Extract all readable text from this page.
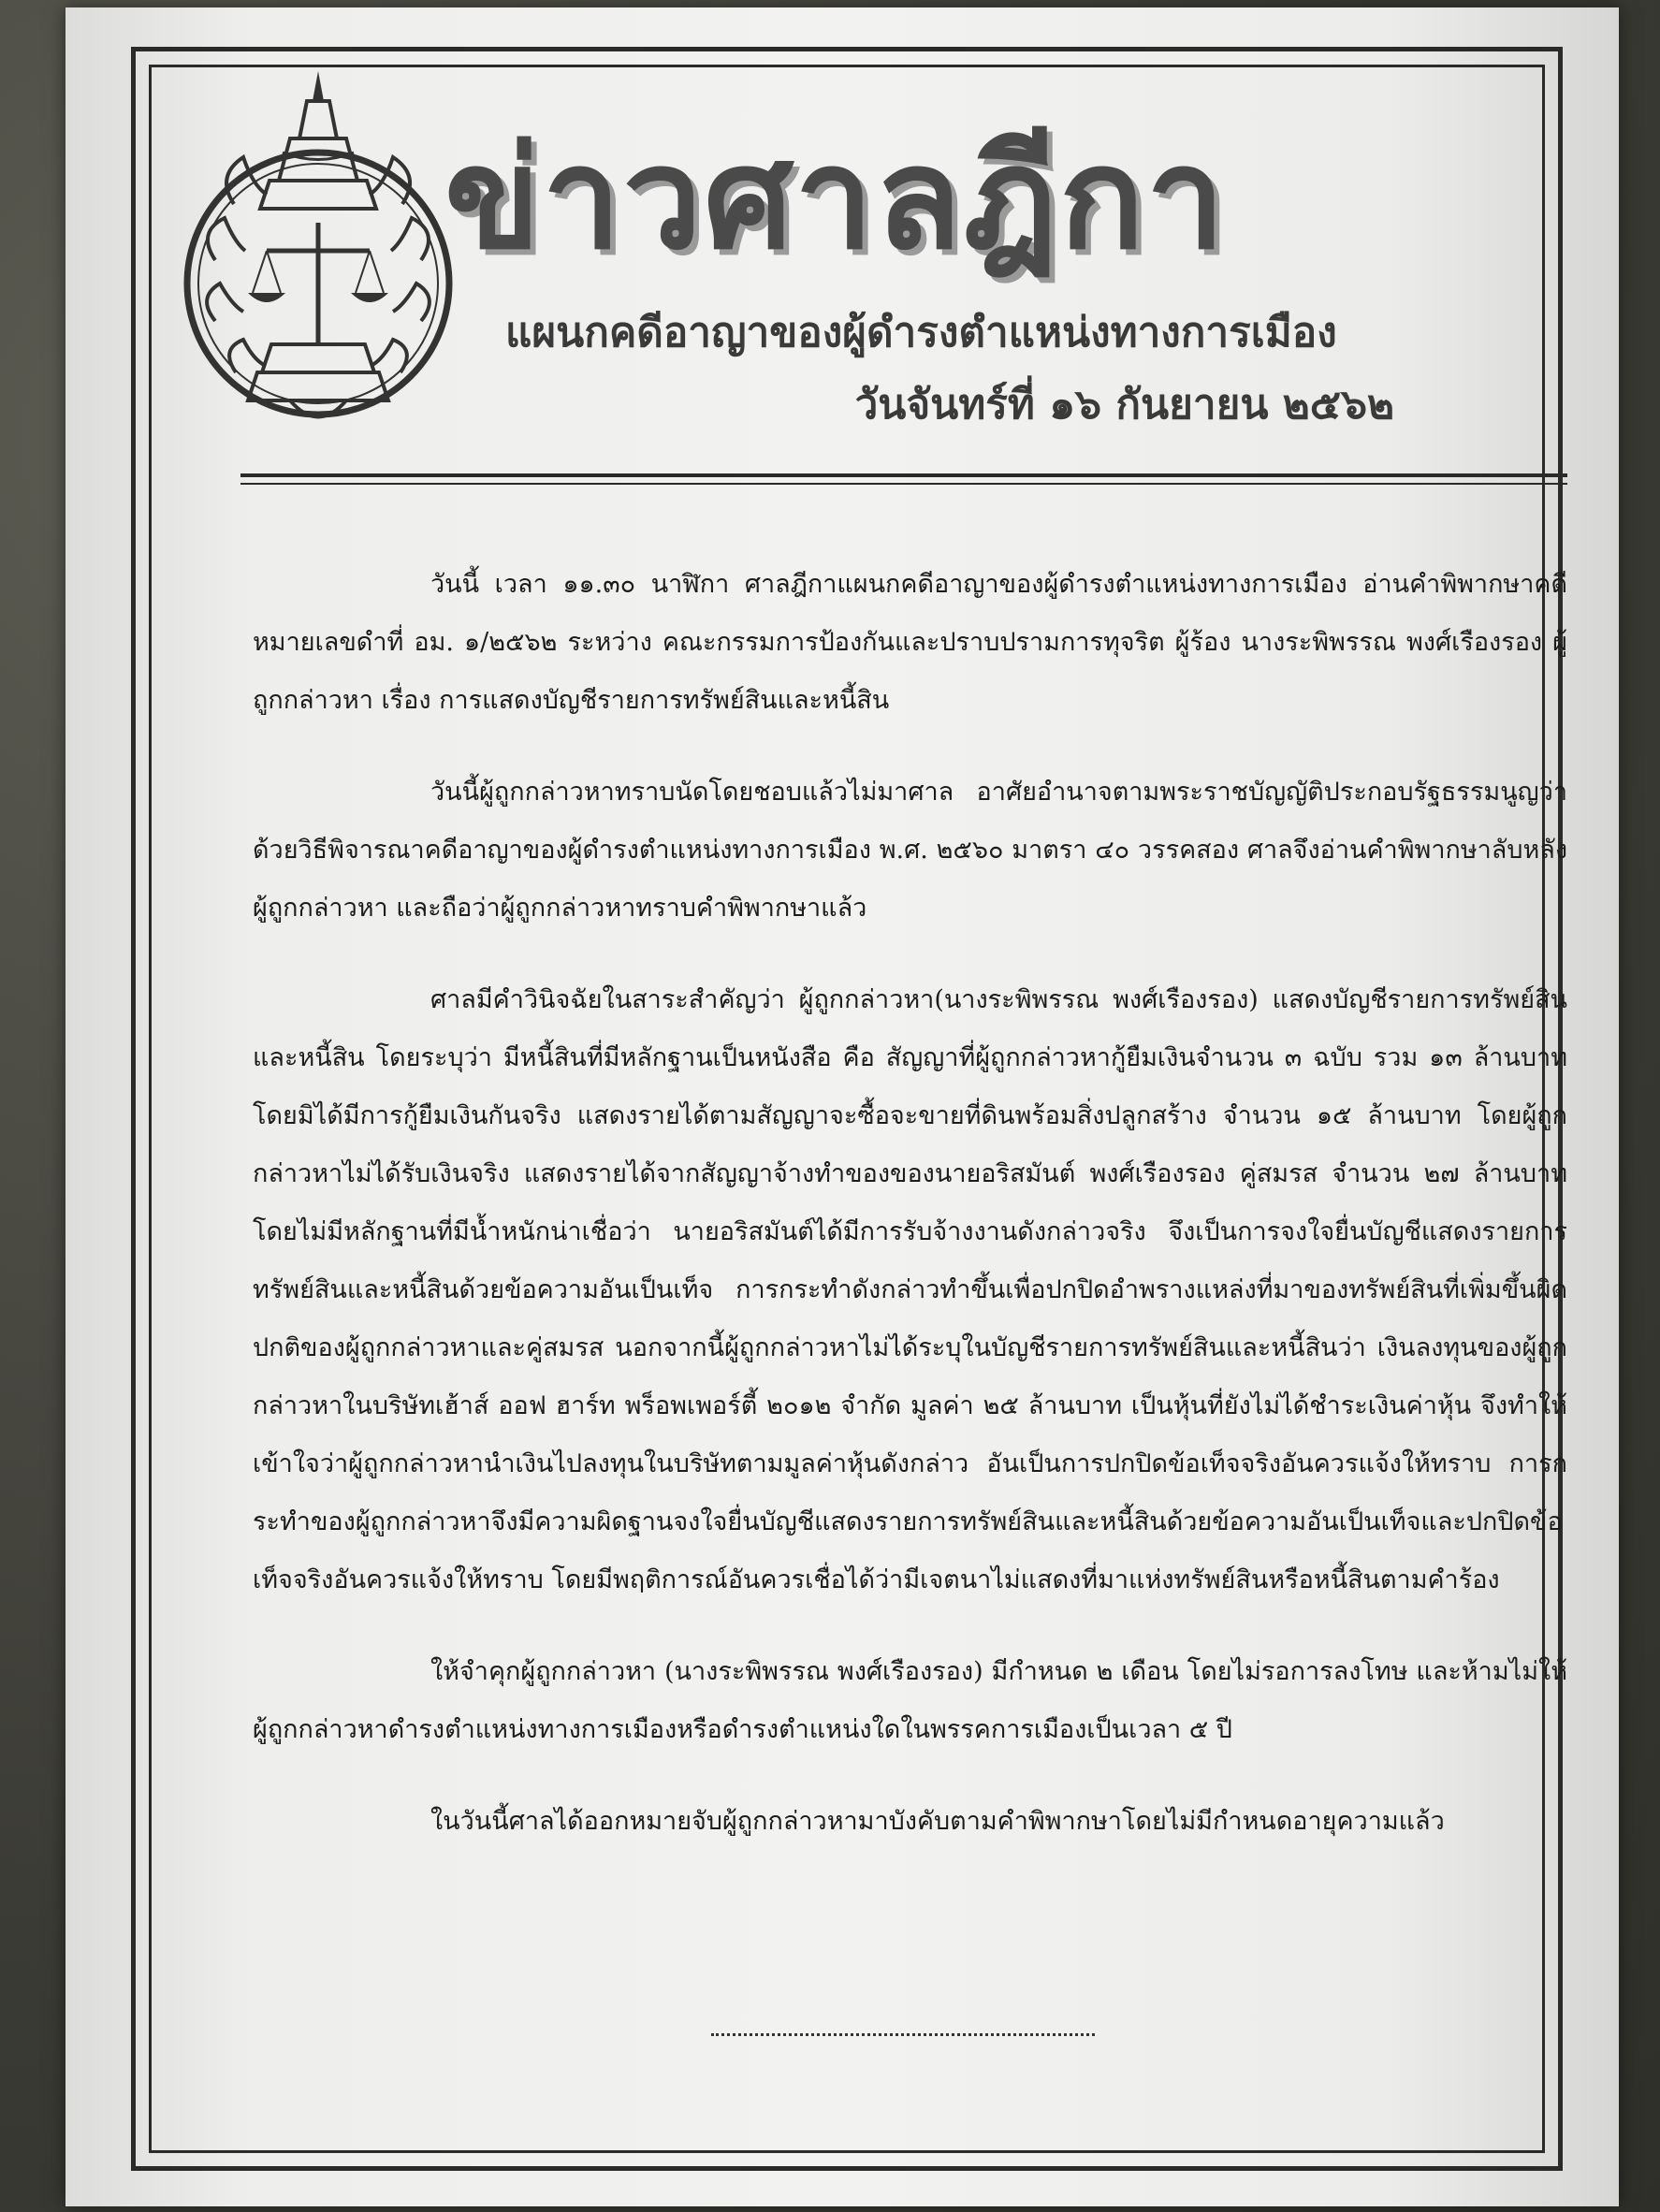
ข่าวศาลฎีกา
แผนกคดีอาญาของผู้ดำรงตำแหน่งทางการเมือง
วันจันทร์ที่ ๑๖ กันยายน ๒๕๖๒

วันนี้ เวลา ๑๑.๓๐ นาฬิกา ศาลฎีกาแผนกคดีอาญาของผู้ดำรงตำแหน่งทางการเมือง อ่านคำพิพากษาคดีหมายเลขดำที่ อม. ๑/๒๕๖๒ ระหว่าง คณะกรรมการป้องกันและปราบปรามการทุจริต ผู้ร้อง นางระพิพรรณ พงศ์เรืองรอง ผู้ถูกกล่าวหา เรื่อง การแสดงบัญชีรายการทรัพย์สินและหนี้สิน

วันนี้ผู้ถูกกล่าวหาทราบนัดโดยชอบแล้วไม่มาศาล อาศัยอำนาจตามพระราชบัญญัติประกอบรัฐธรรมนูญว่าด้วยวิธีพิจารณาคดีอาญาของผู้ดำรงตำแหน่งทางการเมือง พ.ศ. ๒๕๖๐ มาตรา ๔๐ วรรคสอง ศาลจึงอ่านคำพิพากษาลับหลังผู้ถูกกล่าวหา และถือว่าผู้ถูกกล่าวหาทราบคำพิพากษาแล้ว

ศาลมีคำวินิจฉัยในสาระสำคัญว่า ผู้ถูกกล่าวหา(นางระพิพรรณ พงศ์เรืองรอง) แสดงบัญชีรายการทรัพย์สินและหนี้สิน โดยระบุว่า มีหนี้สินที่มีหลักฐานเป็นหนังสือ คือ สัญญาที่ผู้ถูกกล่าวหากู้ยืมเงินจำนวน ๓ ฉบับ รวม ๑๓ ล้านบาท โดยมิได้มีการกู้ยืมเงินกันจริง แสดงรายได้ตามสัญญาจะซื้อจะขายที่ดินพร้อมสิ่งปลูกสร้าง จำนวน ๑๕ ล้านบาท โดยผู้ถูกกล่าวหาไม่ได้รับเงินจริง แสดงรายได้จากสัญญาจ้างทำของของนายอริสมันต์ พงศ์เรืองรอง คู่สมรส จำนวน ๒๗ ล้านบาท โดยไม่มีหลักฐานที่มีน้ำหนักน่าเชื่อว่า นายอริสมันต์ได้มีการรับจ้างงานดังกล่าวจริง จึงเป็นการจงใจยื่นบัญชีแสดงรายการทรัพย์สินและหนี้สินด้วยข้อความอันเป็นเท็จ การกระทำดังกล่าวทำขึ้นเพื่อปกปิดอำพรางแหล่งที่มาของทรัพย์สินที่เพิ่มขึ้นผิดปกติของผู้ถูกกล่าวหาและคู่สมรส นอกจากนี้ผู้ถูกกล่าวหาไม่ได้ระบุในบัญชีรายการทรัพย์สินและหนี้สินว่า เงินลงทุนของผู้ถูกกล่าวหาในบริษัทเฮ้าส์ ออฟ ฮาร์ท พร็อพเพอร์ตี้ ๒๐๑๒ จำกัด มูลค่า ๒๕ ล้านบาท เป็นหุ้นที่ยังไม่ได้ชำระเงินค่าหุ้น จึงทำให้เข้าใจว่าผู้ถูกกล่าวหานำเงินไปลงทุนในบริษัทตามมูลค่าหุ้นดังกล่าว อันเป็นการปกปิดข้อเท็จจริงอันควรแจ้งให้ทราบ การกระทำของผู้ถูกกล่าวหาจึงมีความผิดฐานจงใจยื่นบัญชีแสดงรายการทรัพย์สินและหนี้สินด้วยข้อความอันเป็นเท็จและปกปิดข้อเท็จจริงอันควรแจ้งให้ทราบ โดยมีพฤติการณ์อันควรเชื่อได้ว่ามีเจตนาไม่แสดงที่มาแห่งทรัพย์สินหรือหนี้สินตามคำร้อง

ให้จำคุกผู้ถูกกล่าวหา (นางระพิพรรณ พงศ์เรืองรอง) มีกำหนด ๒ เดือน โดยไม่รอการลงโทษ และห้ามไม่ให้ผู้ถูกกล่าวหาดำรงตำแหน่งทางการเมืองหรือดำรงตำแหน่งใดในพรรคการเมืองเป็นเวลา ๕ ปี

ในวันนี้ศาลได้ออกหมายจับผู้ถูกกล่าวหามาบังคับตามคำพิพากษาโดยไม่มีกำหนดอายุความแล้ว
